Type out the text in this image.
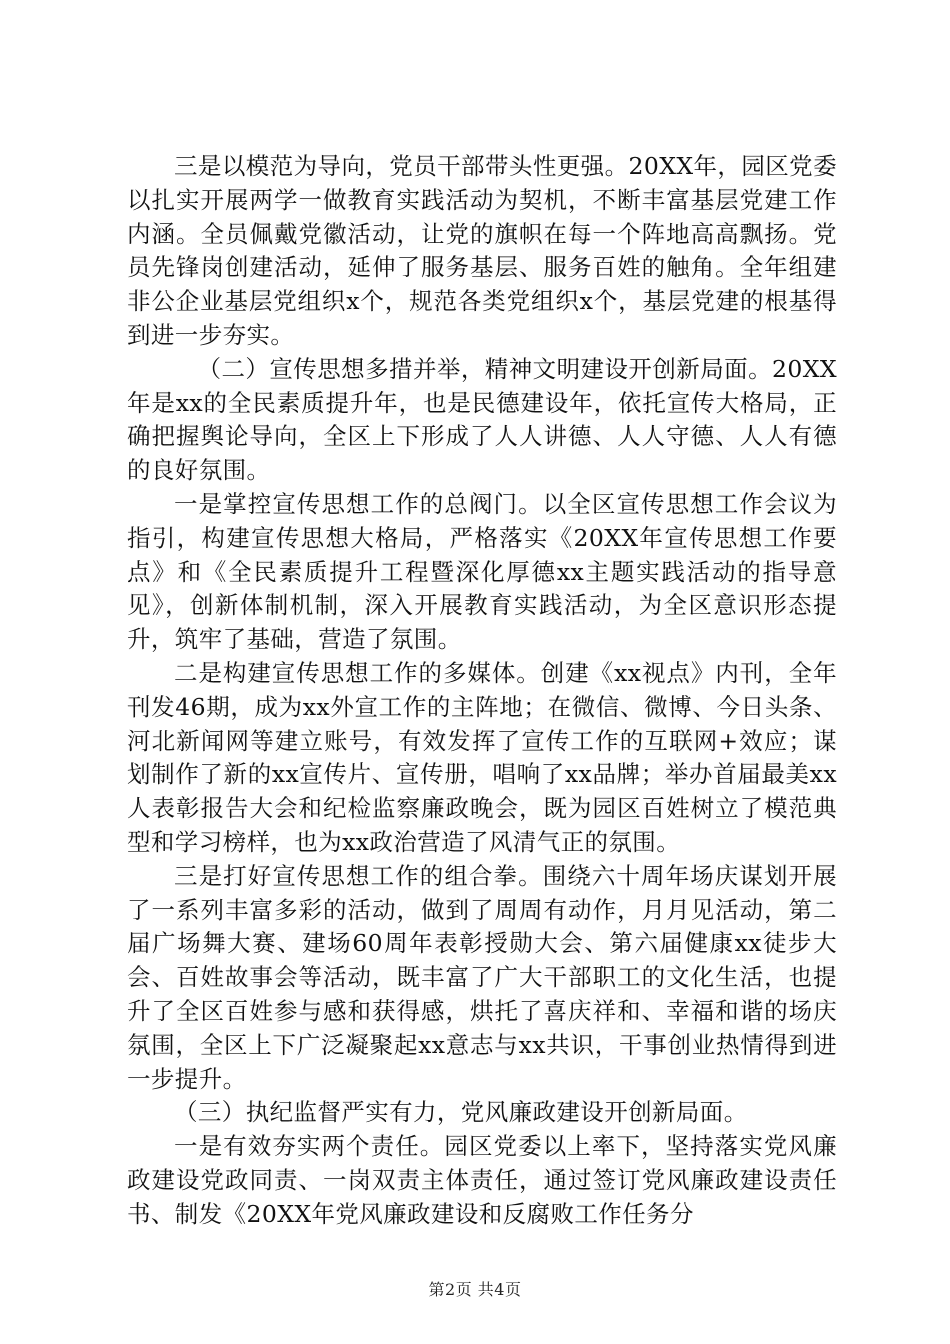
三是以模范为导向，党员干部带头性更强。20XX年，园区党委以扎实开展两学一做教育实践活动为契机，不断丰富基层党建工作内涵。全员佩戴党徽活动，让党的旗帜在每一个阵地高高飘扬。党员先锋岗创建活动，延伸了服务基层、服务百姓的触角。全年组建非公企业基层党组织x个，规范各类党组织x个，基层党建的根基得到进一步夯实。

（二）宣传思想多措并举，精神文明建设开创新局面。20XX年是xx的全民素质提升年，也是民德建设年，依托宣传大格局，正确把握舆论导向，全区上下形成了人人讲德、人人守德、人人有德的良好氛围。

一是掌控宣传思想工作的总阀门。以全区宣传思想工作会议为指引，构建宣传思想大格局，严格落实《20XX年宣传思想工作要点》和《全民素质提升工程暨深化厚德xx主题实践活动的指导意见》，创新体制机制，深入开展教育实践活动，为全区意识形态提升，筑牢了基础，营造了氛围。

二是构建宣传思想工作的多媒体。创建《xx视点》内刊，全年刊发46期，成为xx外宣工作的主阵地；在微信、微博、今日头条、河北新闻网等建立账号，有效发挥了宣传工作的互联网+效应；谋划制作了新的xx宣传片、宣传册，唱响了xx品牌；举办首届最美xx人表彰报告大会和纪检监察廉政晚会，既为园区百姓树立了模范典型和学习榜样，也为xx政治营造了风清气正的氛围。

三是打好宣传思想工作的组合拳。围绕六十周年场庆谋划开展了一系列丰富多彩的活动，做到了周周有动作，月月见活动，第二届广场舞大赛、建场60周年表彰授勋大会、第六届健康xx徒步大会、百姓故事会等活动，既丰富了广大干部职工的文化生活，也提升了全区百姓参与感和获得感，烘托了喜庆祥和、幸福和谐的场庆氛围，全区上下广泛凝聚起xx意志与xx共识，干事创业热情得到进一步提升。

（三）执纪监督严实有力，党风廉政建设开创新局面。

一是有效夯实两个责任。园区党委以上率下，坚持落实党风廉政建设党政同责、一岗双责主体责任，通过签订党风廉政建设责任书、制发《20XX年党风廉政建设和反腐败工作任务分

第2页 共4页
